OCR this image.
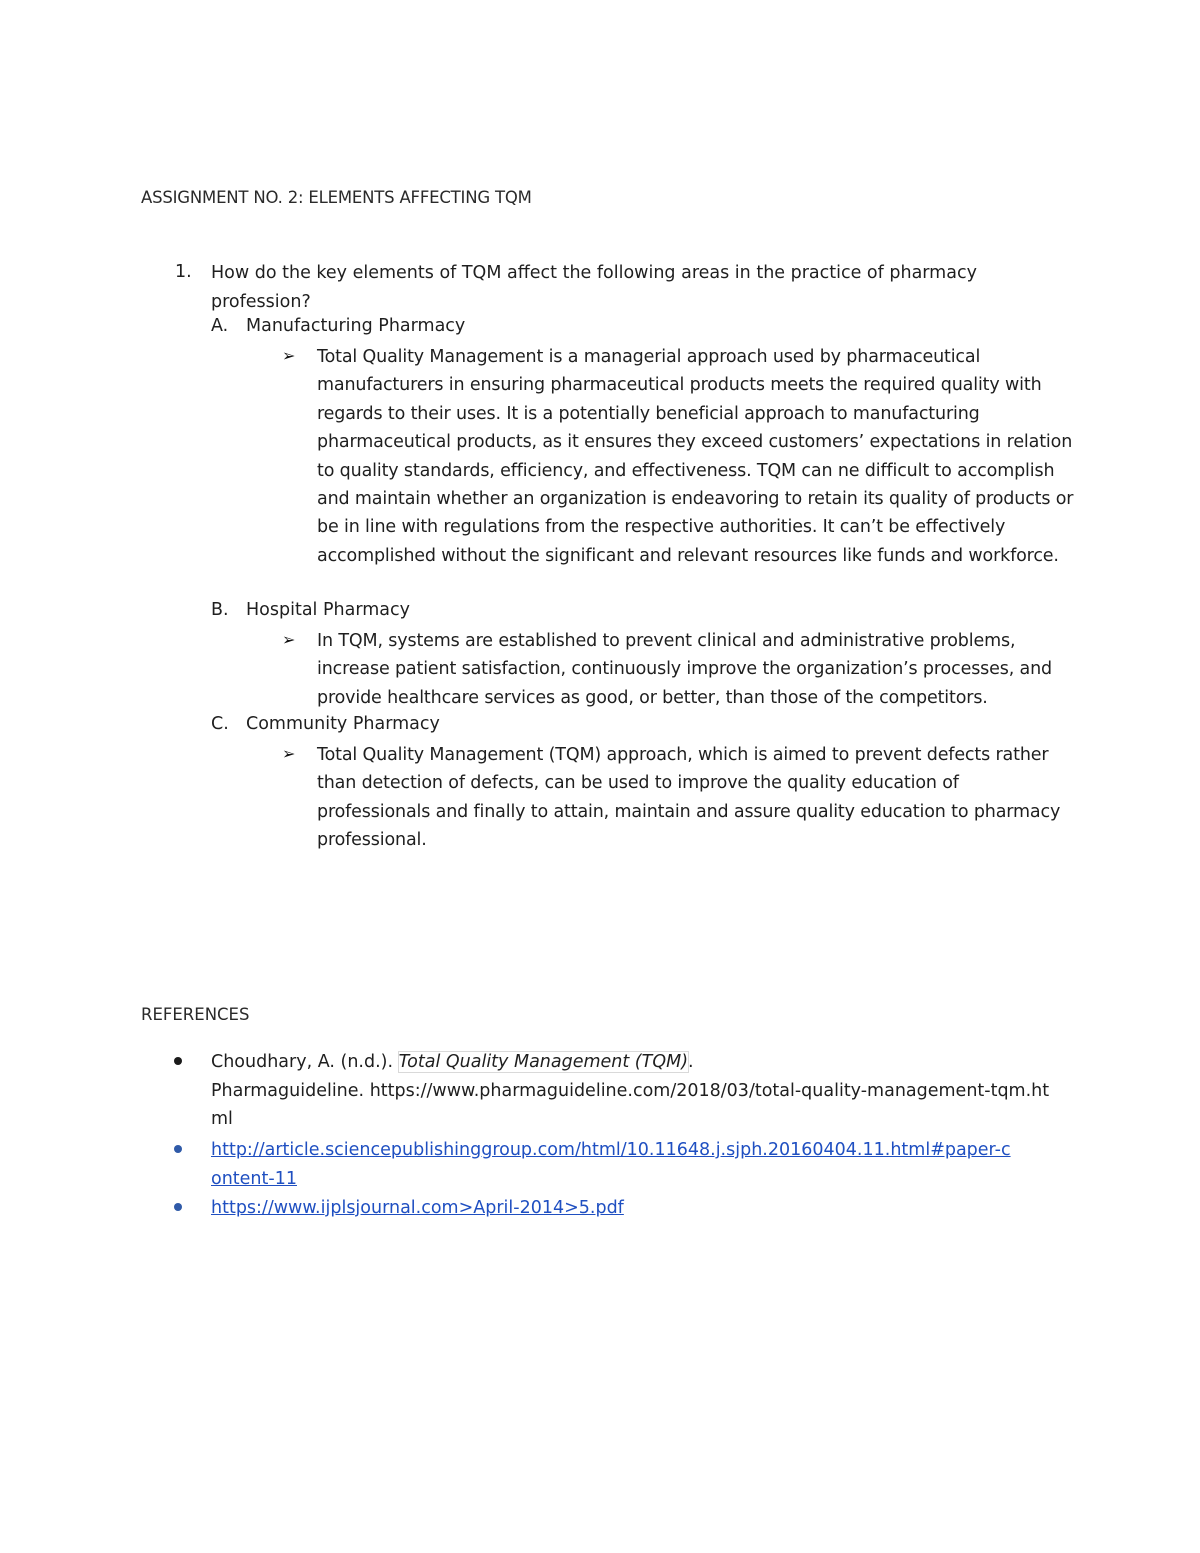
ASSIGNMENT NO. 2: ELEMENTS AFFECTING TQM
1. How do the key elements of TQM affect the following areas in the practice of pharmacy profession?
A. Manufacturing Pharmacy
➢ Total Quality Management is a managerial approach used by pharmaceutical manufacturers in ensuring pharmaceutical products meets the required quality with regards to their uses. It is a potentially beneficial approach to manufacturing pharmaceutical products, as it ensures they exceed customers’ expectations in relation to quality standards, efficiency, and effectiveness. TQM can ne difficult to accomplish and maintain whether an organization is endeavoring to retain its quality of products or be in line with regulations from the respective authorities. It can’t be effectively accomplished without the significant and relevant resources like funds and workforce.
B. Hospital Pharmacy
➢ In TQM, systems are established to prevent clinical and administrative problems, increase patient satisfaction, continuously improve the organization’s processes, and provide healthcare services as good, or better, than those of the competitors.
C. Community Pharmacy
➢ Total Quality Management (TQM) approach, which is aimed to prevent defects rather than detection of defects, can be used to improve the quality education of professionals and finally to attain, maintain and assure quality education to pharmacy professional.
REFERENCES
Choudhary, A. (n.d.). Total Quality Management (TQM).
Pharmaguideline. https://www.pharmaguideline.com/2018/03/total-quality-management-tqm.html
http://article.sciencepublishinggroup.com/html/10.11648.j.sjph.20160404.11.html#paper-content-11
https://www.ijplsjournal.com>April-2014>5.pdf
